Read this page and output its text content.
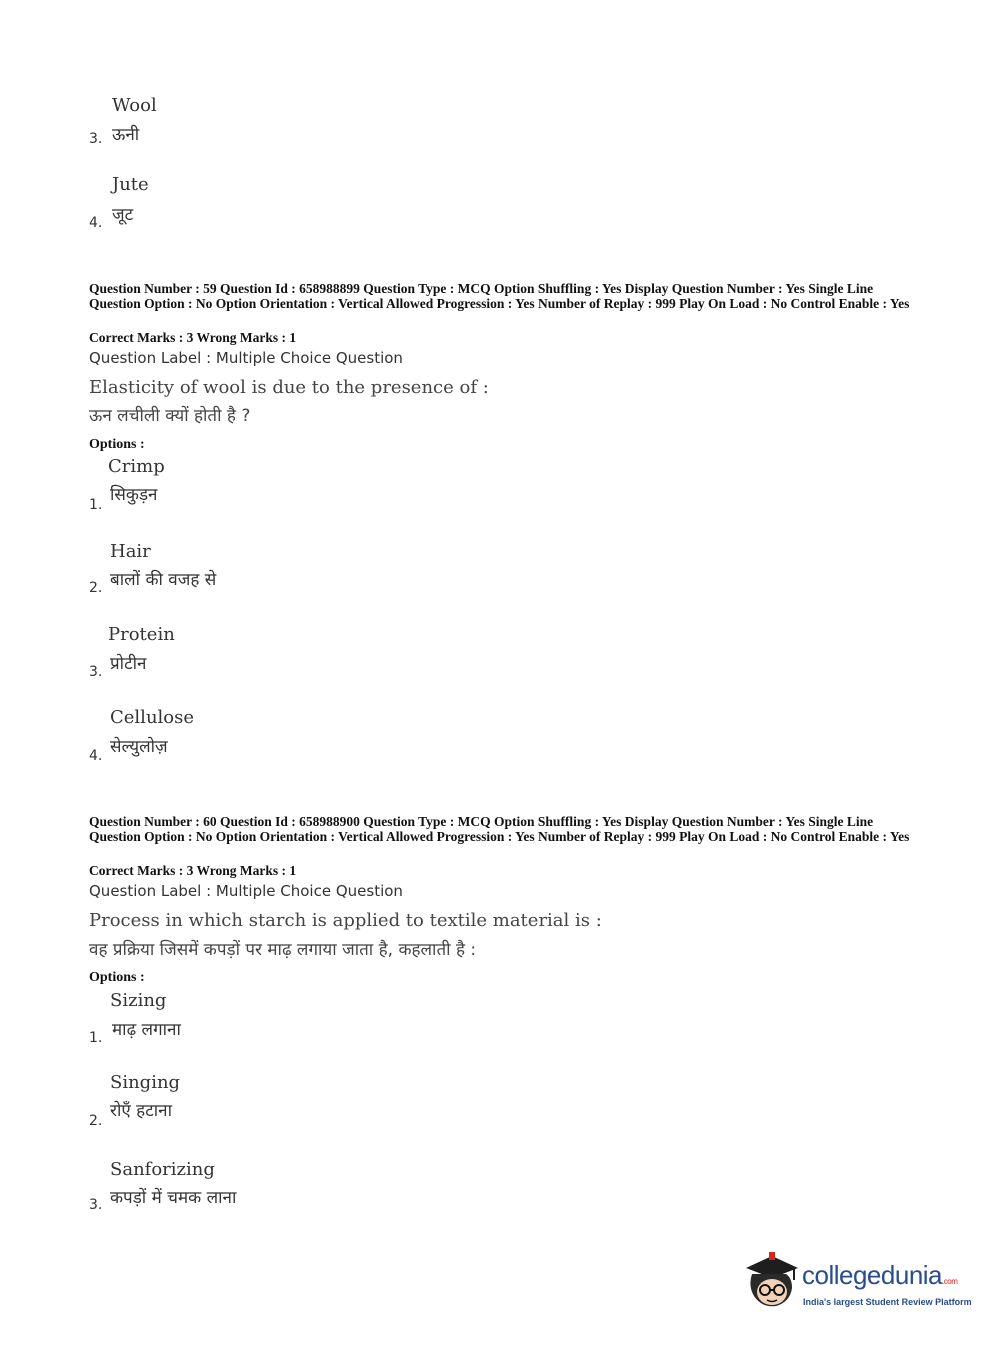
Wool
3. ऊनी
Jute
4. जूट
Question Number : 59 Question Id : 658988899 Question Type : MCQ Option Shuffling : Yes Display Question Number : Yes Single Line Question Option : No Option Orientation : Vertical Allowed Progression : Yes Number of Replay : 999 Play On Load : No Control Enable : Yes
Correct Marks : 3 Wrong Marks : 1
Question Label : Multiple Choice Question
Elasticity of wool is due to the presence of :
ऊन लचीली क्यों होती है ?
Options :
Crimp
सिकुड़न
1.
Hair
बालों की वजह से
2.
Protein
प्रोटीन
3.
Cellulose
सेल्युलोज़
4.
Question Number : 60 Question Id : 658988900 Question Type : MCQ Option Shuffling : Yes Display Question Number : Yes Single Line Question Option : No Option Orientation : Vertical Allowed Progression : Yes Number of Replay : 999 Play On Load : No Control Enable : Yes
Correct Marks : 3 Wrong Marks : 1
Question Label : Multiple Choice Question
Process in which starch is applied to textile material is :
वह प्रक्रिया जिसमें कपड़ों पर माढ़ लगाया जाता है, कहलाती है :
Options :
Sizing
माढ़ लगाना
1.
Singing
रोएँ हटाना
2.
Sanforizing
कपड़ों में चमक लाना
3.
collegedunia.com
India's largest Student Review Platform
